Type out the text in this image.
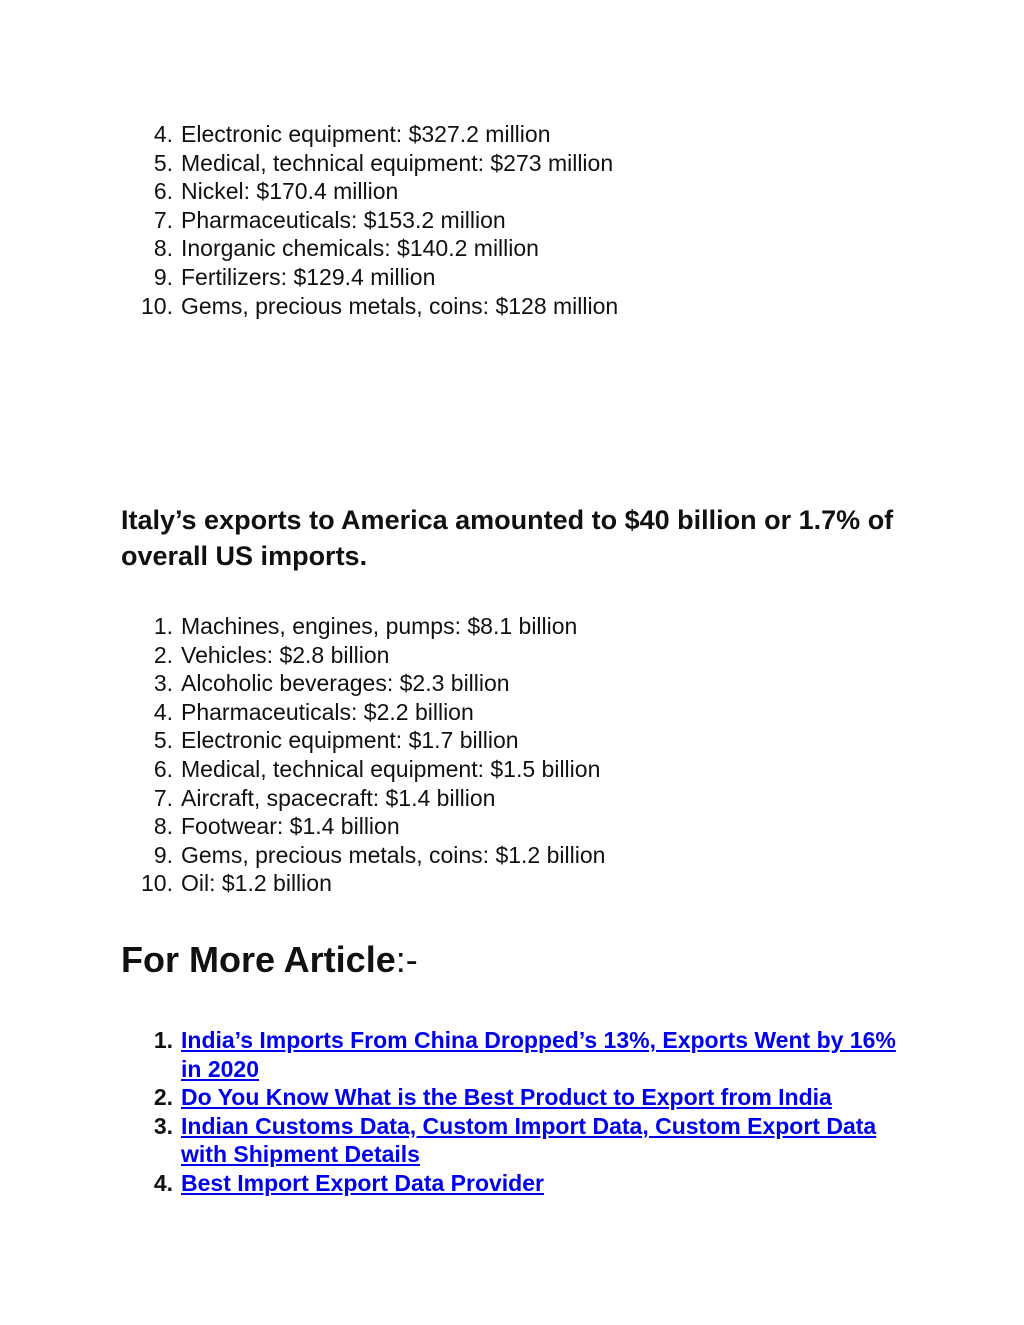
4. Electronic equipment: $327.2 million
5. Medical, technical equipment: $273 million
6. Nickel: $170.4 million
7. Pharmaceuticals: $153.2 million
8. Inorganic chemicals: $140.2 million
9. Fertilizers: $129.4 million
10. Gems, precious metals, coins: $128 million
Italy’s exports to America amounted to $40 billion or 1.7% of overall US imports.
1. Machines, engines, pumps: $8.1 billion
2. Vehicles: $2.8 billion
3. Alcoholic beverages: $2.3 billion
4. Pharmaceuticals: $2.2 billion
5. Electronic equipment: $1.7 billion
6. Medical, technical equipment: $1.5 billion
7. Aircraft, spacecraft: $1.4 billion
8. Footwear: $1.4 billion
9. Gems, precious metals, coins: $1.2 billion
10. Oil: $1.2 billion
For More Article:-
1. India’s Imports From China Dropped’s 13%, Exports Went by 16% in 2020
2. Do You Know What is the Best Product to Export from India
3. Indian Customs Data, Custom Import Data, Custom Export Data with Shipment Details
4. Best Import Export Data Provider
